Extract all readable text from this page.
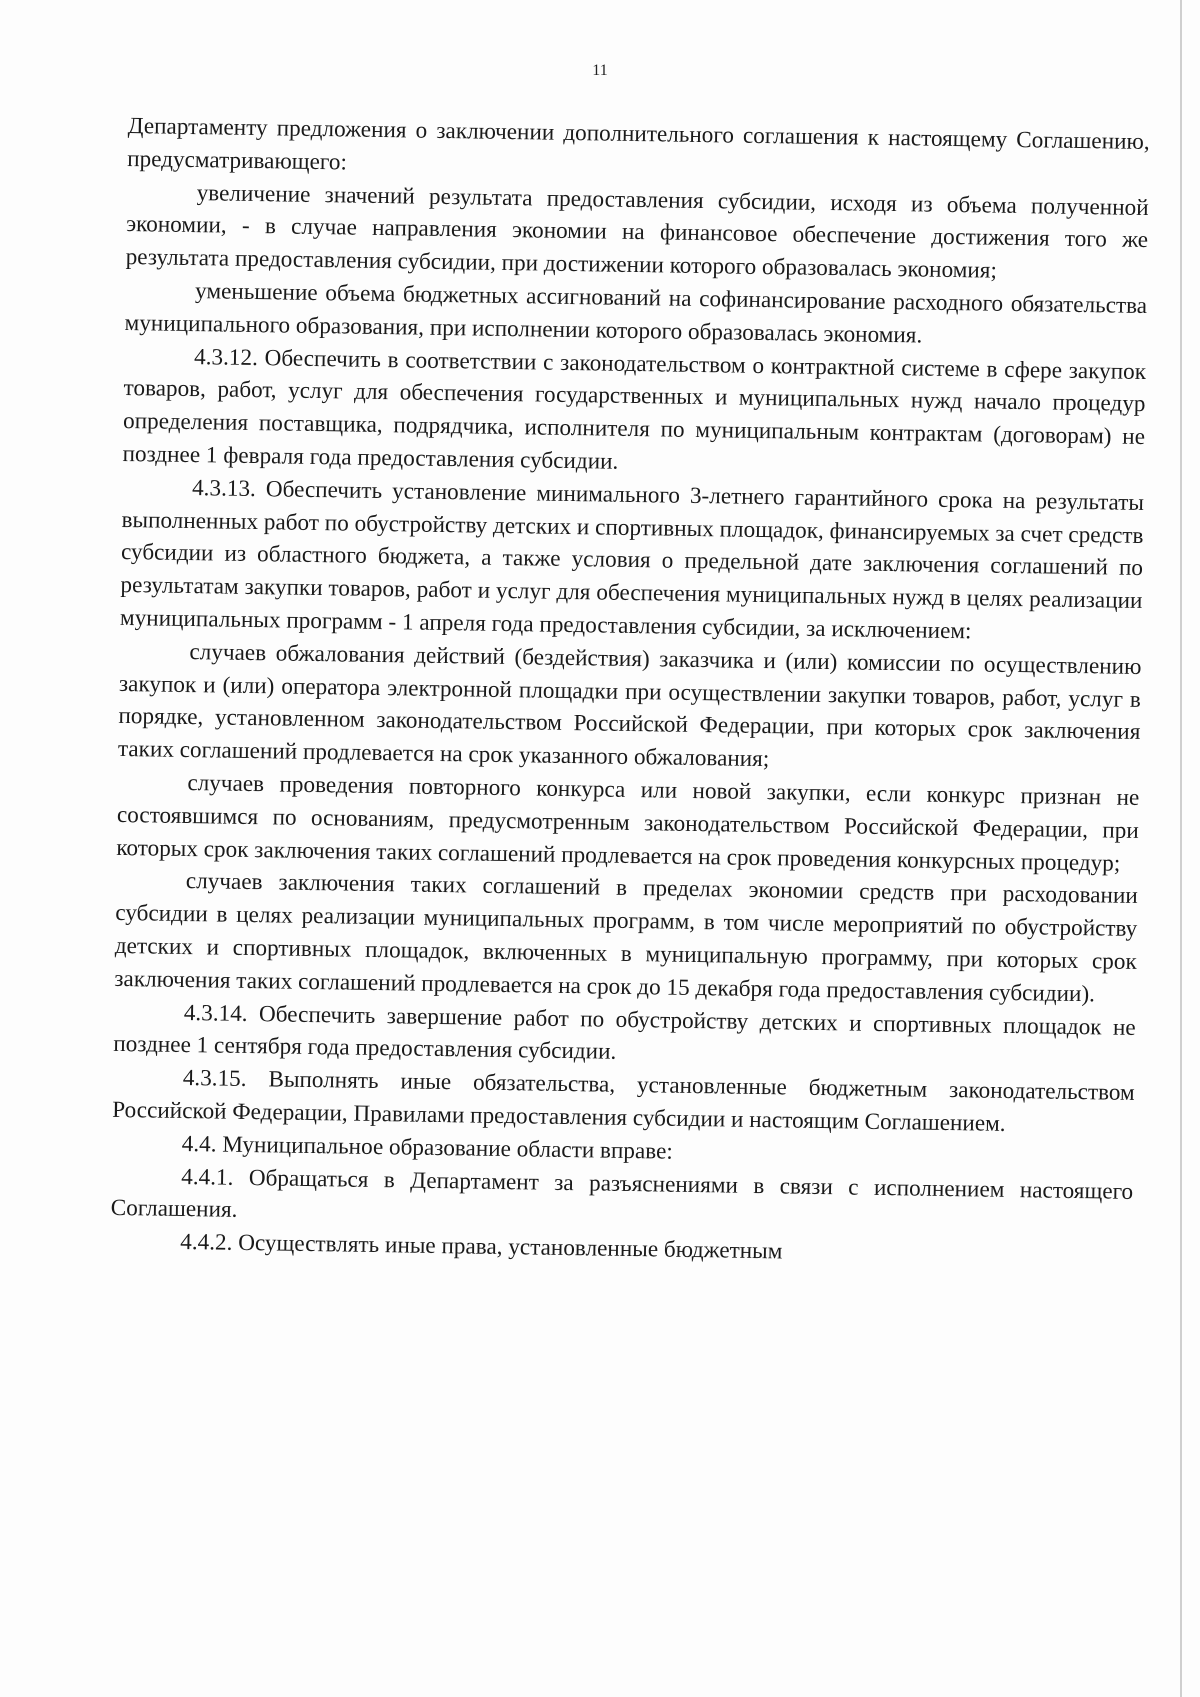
11

Департаменту предложения о заключении дополнительного соглашения к настоящему Соглашению, предусматривающего:

увеличение значений результата предоставления субсидии, исходя из объема полученной экономии, - в случае направления экономии на финансовое обеспечение достижения того же результата предоставления субсидии, при достижении которого образовалась экономия;

уменьшение объема бюджетных ассигнований на софинансирование расходного обязательства муниципального образования, при исполнении которого образовалась экономия.

4.3.12. Обеспечить в соответствии с законодательством о контрактной системе в сфере закупок товаров, работ, услуг для обеспечения государственных и муниципальных нужд начало процедур определения поставщика, подрядчика, исполнителя по муниципальным контрактам (договорам) не позднее 1 февраля года предоставления субсидии.

4.3.13. Обеспечить установление минимального 3-летнего гарантийного срока на результаты выполненных работ по обустройству детских и спортивных площадок, финансируемых за счет средств субсидии из областного бюджета, а также условия о предельной дате заключения соглашений по результатам закупки товаров, работ и услуг для обеспечения муниципальных нужд в целях реализации муниципальных программ - 1 апреля года предоставления субсидии, за исключением:

случаев обжалования действий (бездействия) заказчика и (или) комиссии по осуществлению закупок и (или) оператора электронной площадки при осуществлении закупки товаров, работ, услуг в порядке, установленном законодательством Российской Федерации, при которых срок заключения таких соглашений продлевается на срок указанного обжалования;

случаев проведения повторного конкурса или новой закупки, если конкурс признан не состоявшимся по основаниям, предусмотренным законодательством Российской Федерации, при которых срок заключения таких соглашений продлевается на срок проведения конкурсных процедур;

случаев заключения таких соглашений в пределах экономии средств при расходовании субсидии в целях реализации муниципальных программ, в том числе мероприятий по обустройству детских и спортивных площадок, включенных в муниципальную программу, при которых срок заключения таких соглашений продлевается на срок до 15 декабря года предоставления субсидии).

4.3.14. Обеспечить завершение работ по обустройству детских и спортивных площадок не позднее 1 сентября года предоставления субсидии.

4.3.15. Выполнять иные обязательства, установленные бюджетным законодательством Российской Федерации, Правилами предоставления субсидии и настоящим Соглашением.

4.4. Муниципальное образование области вправе:

4.4.1. Обращаться в Департамент за разъяснениями в связи с исполнением настоящего Соглашения.

4.4.2. Осуществлять иные права, установленные бюджетным
